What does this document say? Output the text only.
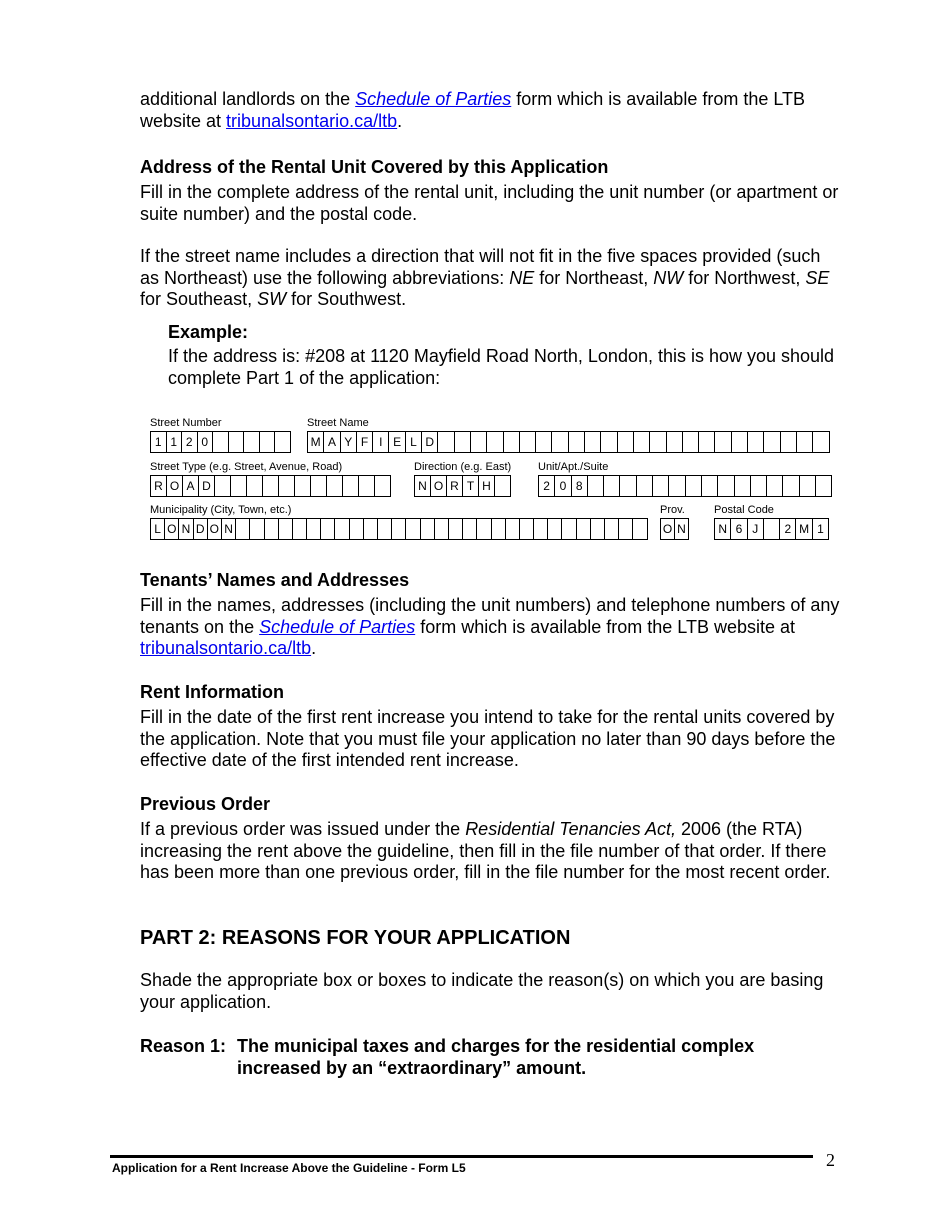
additional landlords on the Schedule of Parties form which is available from the LTB website at tribunalsontario.ca/ltb.

Address of the Rental Unit Covered by this Application

Fill in the complete address of the rental unit, including the unit number (or apartment or suite number) and the postal code.

If the street name includes a direction that will not fit in the five spaces provided (such as Northeast) use the following abbreviations: NE for Northeast, NW for Northwest, SE for Southeast, SW for Southwest.

Example:

If the address is: #208 at 1120 Mayfield Road North, London, this is how you should complete Part 1 of the application:

Street Number
1 1 2 0
Street Name
M A Y F I E L D
Street Type (e.g. Street, Avenue, Road)
R O A D
Direction (e.g. East)
N O R T H
Unit/Apt./Suite
2 0 8
Municipality (City, Town, etc.)
L O N D O N
Prov.
O N
Postal Code
N 6 J	2 M 1
Tenants’ Names and Addresses

Fill in the names, addresses (including the unit numbers) and telephone numbers of any tenants on the Schedule of Parties form which is available from the LTB website at tribunalsontario.ca/ltb.

Rent Information

Fill in the date of the first rent increase you intend to take for the rental units covered by the application. Note that you must file your application no later than 90 days before the effective date of the first intended rent increase.

Previous Order

If a previous order was issued under the Residential Tenancies Act, 2006 (the RTA) increasing the rent above the guideline, then fill in the file number of that order. If there has been more than one previous order, fill in the file number for the most recent order.

PART 2: REASONS FOR YOUR APPLICATION

Shade the appropriate box or boxes to indicate the reason(s) on which you are basing your application.

Reason 1: The municipal taxes and charges for the residential complex increased by an “extraordinary” amount.
Application for a Rent Increase Above the Guideline - Form L5	2
